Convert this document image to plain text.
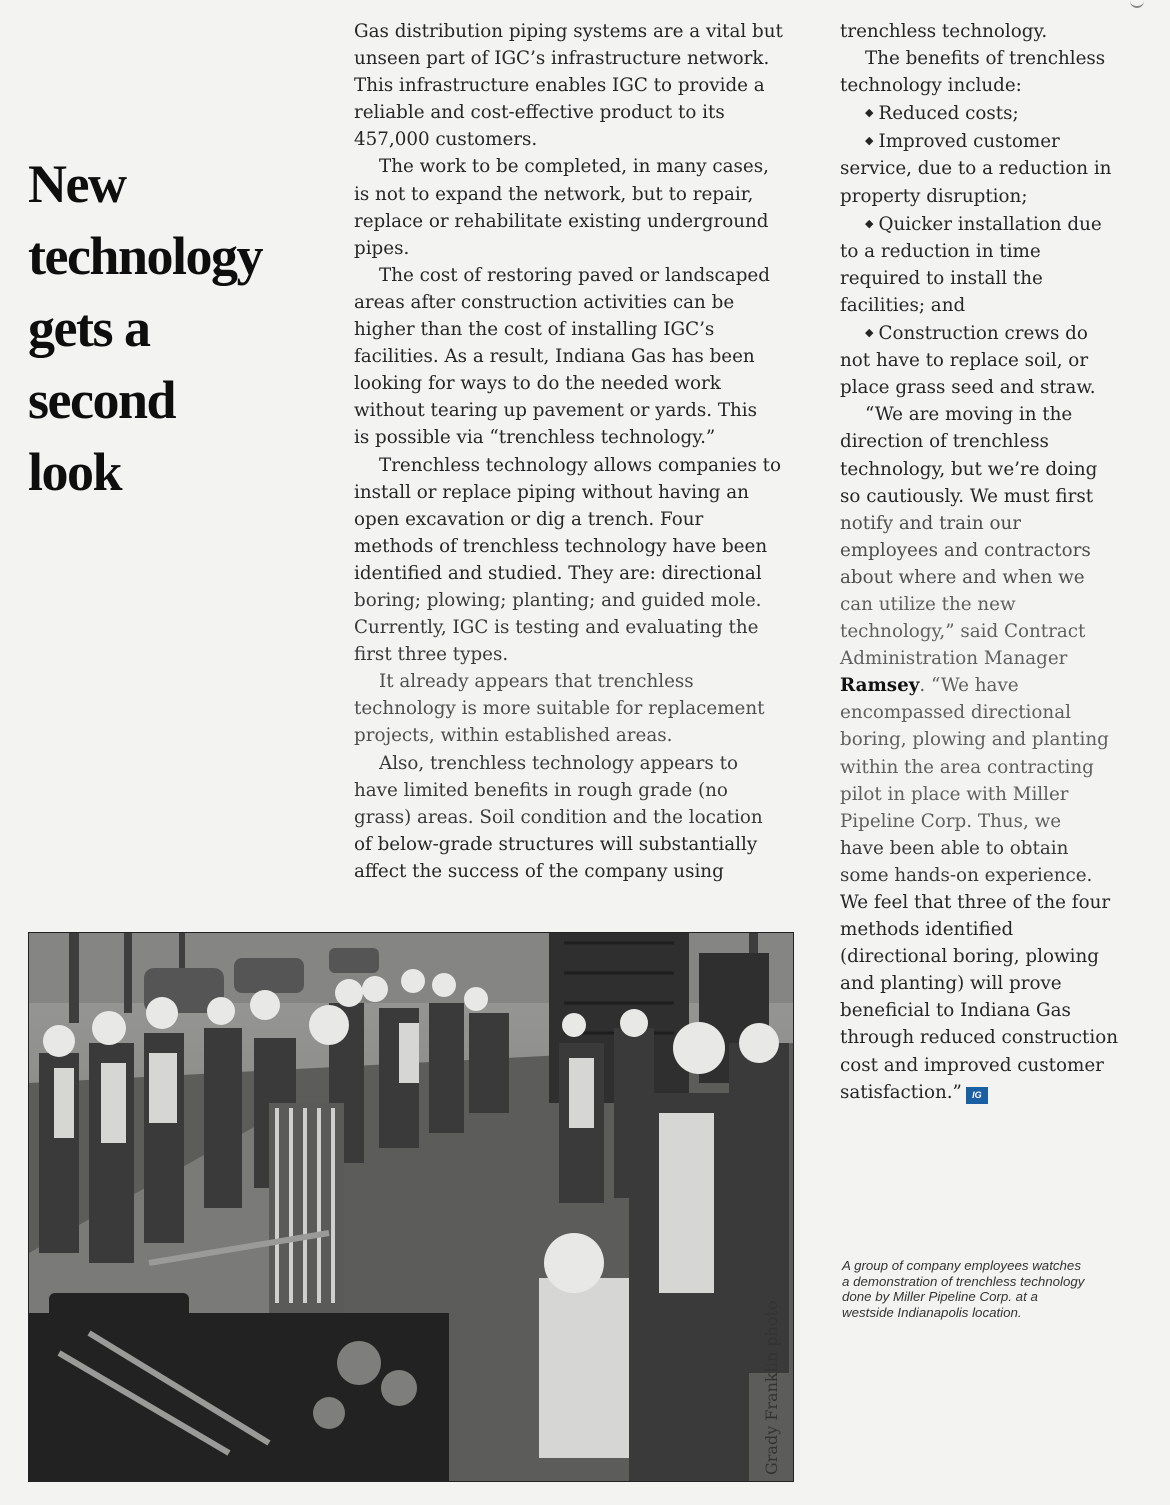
New
technology
gets a
second
look

Gas distribution piping systems are a vital but
unseen part of IGC’s infrastructure network.
This infrastructure enables IGC to provide a
reliable and cost-effective product to its
457,000 customers.

The work to be completed, in many cases,
is not to expand the network, but to repair,
replace or rehabilitate existing underground
pipes.

The cost of restoring paved or landscaped
areas after construction activities can be
higher than the cost of installing IGC’s
facilities. As a result, Indiana Gas has been
looking for ways to do the needed work
without tearing up pavement or yards. This
is possible via “trenchless technology.”

Trenchless technology allows companies to
install or replace piping without having an
open excavation or dig a trench. Four
methods of trenchless technology have been
identified and studied. They are: directional
boring; plowing; planting; and guided mole.
Currently, IGC is testing and evaluating the
first three types.

It already appears that trenchless
technology is more suitable for replacement
projects, within established areas.

Also, trenchless technology appears to
have limited benefits in rough grade (no
grass) areas. Soil condition and the location
of below-grade structures will substantially
affect the success of the company using

trenchless technology.
The benefits of trenchless
technology include:
◆ Reduced costs;
◆ Improved customer
service, due to a reduction in
property disruption;
◆ Quicker installation due
to a reduction in time
required to install the
facilities; and
◆ Construction crews do
not have to replace soil, or
place grass seed and straw.
“We are moving in the
direction of trenchless
technology, but we’re doing
so cautiously. We must first
notify and train our
employees and contractors
about where and when we
can utilize the new
technology,” said Contract
Administration Manager
Ramsey. “We have
encompassed directional
boring, plowing and planting
within the area contracting
pilot in place with Miller
Pipeline Corp. Thus, we
have been able to obtain
some hands-on experience.
We feel that three of the four
methods identified
(directional boring, plowing
and planting) will prove
beneficial to Indiana Gas
through reduced construction
cost and improved customer
satisfaction.” IG
Grady Franklin photo
A group of company employees watches
a demonstration of trenchless technology
done by Miller Pipeline Corp. at a
westside Indianapolis location.
